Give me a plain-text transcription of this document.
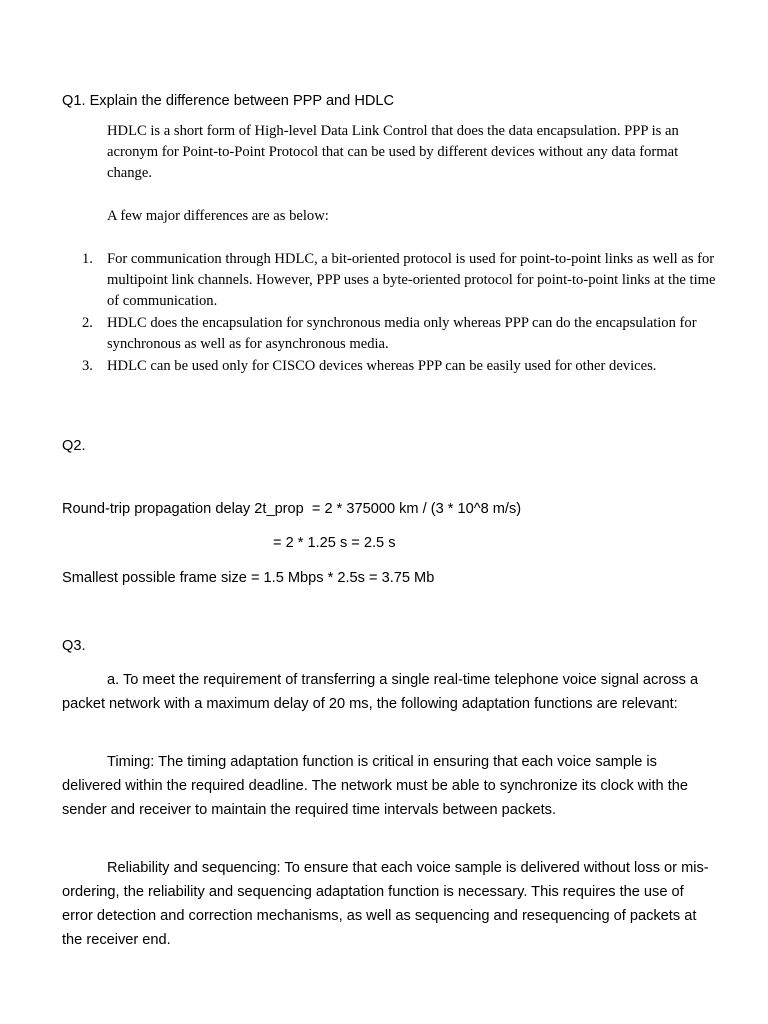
Q1. Explain the difference between PPP and HDLC
HDLC is a short form of High-level Data Link Control that does the data encapsulation. PPP is an acronym for Point-to-Point Protocol that can be used by different devices without any data format change.
A few major differences are as below:
1. For communication through HDLC, a bit-oriented protocol is used for point-to-point links as well as for multipoint link channels. However, PPP uses a byte-oriented protocol for point-to-point links at the time of communication.
2. HDLC does the encapsulation for synchronous media only whereas PPP can do the encapsulation for synchronous as well as for asynchronous media.
3. HDLC can be used only for CISCO devices whereas PPP can be easily used for other devices.
Q2.
Round-trip propagation delay 2t_prop  = 2 * 375000 km / (3 * 10^8 m/s)
= 2 * 1.25 s = 2.5 s
Smallest possible frame size = 1.5 Mbps * 2.5s = 3.75 Mb
Q3.

a. To meet the requirement of transferring a single real-time telephone voice signal across a packet network with a maximum delay of 20 ms, the following adaptation functions are relevant:

Timing: The timing adaptation function is critical in ensuring that each voice sample is delivered within the required deadline. The network must be able to synchronize its clock with the sender and receiver to maintain the required time intervals between packets.

Reliability and sequencing: To ensure that each voice sample is delivered without loss or mis-ordering, the reliability and sequencing adaptation function is necessary. This requires the use of error detection and correction mechanisms, as well as sequencing and resequencing of packets at the receiver end.
